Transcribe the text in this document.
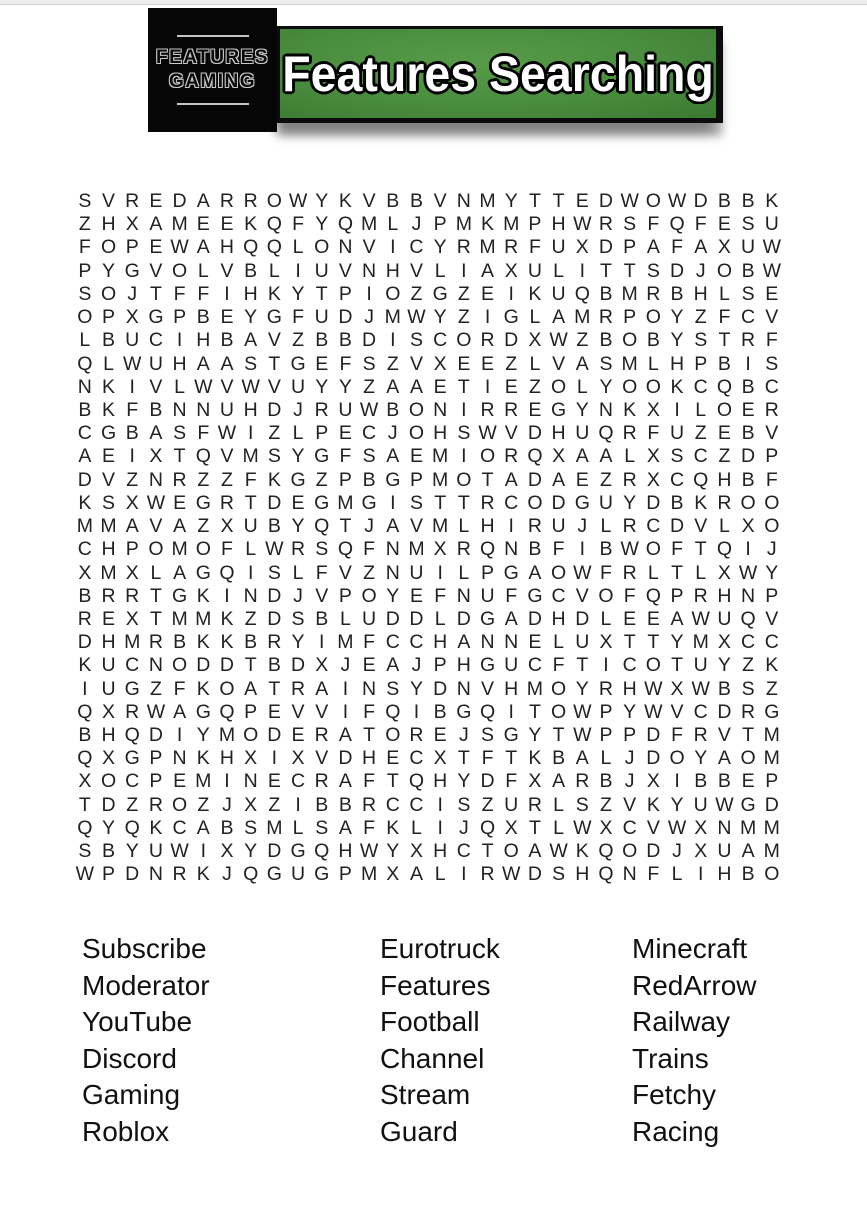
FEATURES
GAMING Features Searching
S V R E D A R R O W Y K V B B V N M Y T T E D W O W D B B K
Z H X A M E E K Q F Y Q M L J P M K M P H W R S F Q F E S U
F O P E W A H Q Q L O N V I C Y R M R F U X D P A F A X U W
P Y G V O L V B L I U V N H V L I A X U L I T T S D J O B W
S O J T F F I H K Y T P I O Z G Z E I K U Q B M R B H L S E
O P X G P B E Y G F U D J M W Y Z I G L A M R P O Y Z F C V
L B U C I H B A V Z B B D I S C O R D X W Z B O B Y S T R F
Q L W U H A A S T G E F S Z V X E E Z L V A S M L H P B I S
N K I V L W V W V U Y Y Z A A E T I E Z O L Y O O K C Q B C
B K F B N N U H D J R U W B O N I R R E G Y N K X I L O E R
C G B A S F W I Z L P E C J O H S W V D H U Q R F U Z E B V
A E I X T Q V M S Y G F S A E M I O R Q X A A L X S C Z D P
D V Z N R Z Z F K G Z P B G P M O T A D A E Z R X C Q H B F
K S X W E G R T D E G M G I S T T R C O D G U Y D B K R O O
M M A V A Z X U B Y Q T J A V M L H I R U J L R C D V L X O
C H P O M O F L W R S Q F N M X R Q N B F I B W O F T Q I J
X M X L A G Q I S L F V Z N U I L P G A O W F R L T L X W Y
B R R T G K I N D J V P O Y E F N U F G C V O F Q P R H N P
R E X T M M K Z D S B L U D D L D G A D H D L E E A W U Q V
D H M R B K K B R Y I M F C C H A N N E L U X T T Y M X C C
K U C N O D D T B D X J E A J P H G U C F T I C O T U Y Z K
I U G Z F K O A T R A I N S Y D N V H M O Y R H W X W B S Z
Q X R W A G Q P E V V I F Q I B G Q I T O W P Y W V C D R G
B H Q D I Y M O D E R A T O R E J S G Y T W P P D F R V T M
Q X G P N K H X I X V D H E C X T F T K B A L J D O Y A O M
X O C P E M I N E C R A F T Q H Y D F X A R B J X I B B E P
T D Z R O Z J X Z I B B R C C I S Z U R L S Z V K Y U W G D
Q Y Q K C A B S M L S A F K L I J Q X T L W X C V W X N M M
S B Y U W I X Y D G Q H W Y X H C T O A W K Q O D J X U A M
W P D N R K J Q G U G P M X A L I R W D S H Q N F L I H B O
Subscribe
Moderator
YouTube
Discord
Gaming
Roblox
Eurotruck
Features
Football
Channel
Stream
Guard
Minecraft
RedArrow
Railway
Trains
Fetchy
Racing
